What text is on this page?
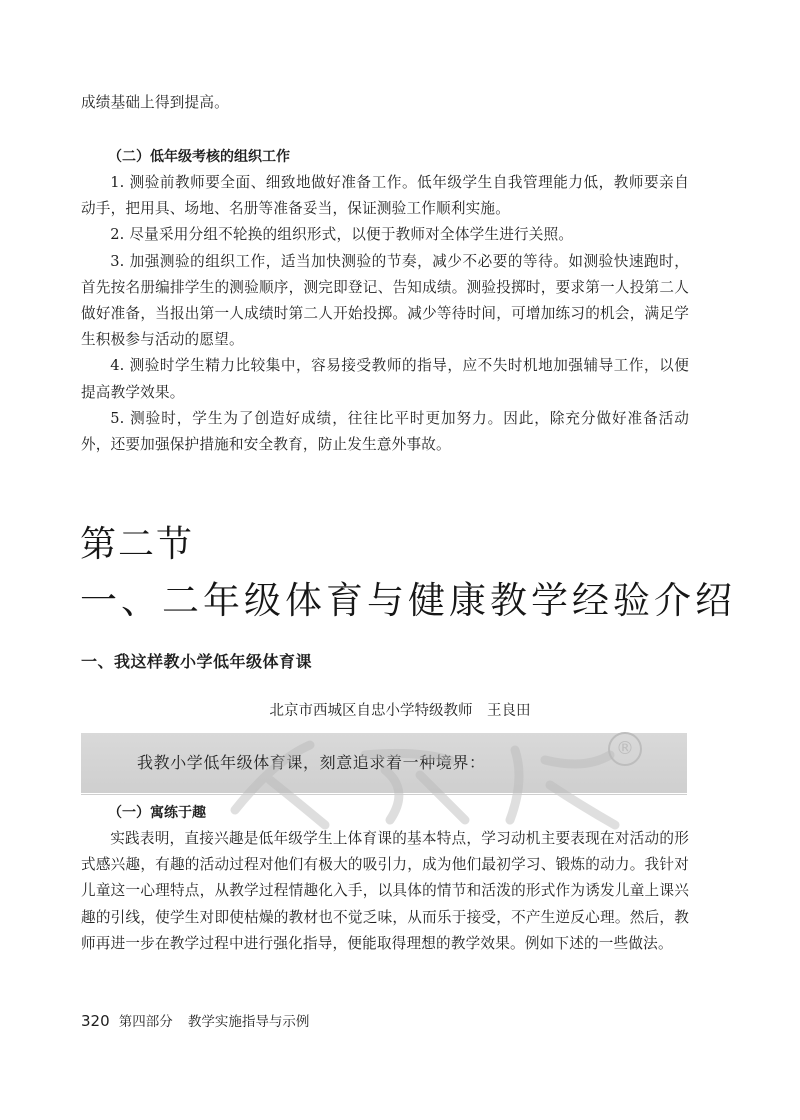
成绩基础上得到提高。

（二）低年级考核的组织工作

1. 测验前教师要全面、细致地做好准备工作。低年级学生自我管理能力低，教师要亲自动手，把用具、场地、名册等准备妥当，保证测验工作顺利实施。

2. 尽量采用分组不轮换的组织形式，以便于教师对全体学生进行关照。

3. 加强测验的组织工作，适当加快测验的节奏，减少不必要的等待。如测验快速跑时，首先按名册编排学生的测验顺序，测完即登记、告知成绩。测验投掷时，要求第一人投第二人做好准备，当报出第一人成绩时第二人开始投掷。减少等待时间，可增加练习的机会，满足学生积极参与活动的愿望。

4. 测验时学生精力比较集中，容易接受教师的指导，应不失时机地加强辅导工作，以便提高教学效果。

5. 测验时，学生为了创造好成绩，往往比平时更加努力。因此，除充分做好准备活动外，还要加强保护措施和安全教育，防止发生意外事故。

第二节
一、二年级体育与健康教学经验介绍
一、我这样教小学低年级体育课
北京市西城区自忠小学特级教师　王良田
我教小学低年级体育课，刻意追求着一种境界：
®
（一）寓练于趣

实践表明，直接兴趣是低年级学生上体育课的基本特点，学习动机主要表现在对活动的形式感兴趣，有趣的活动过程对他们有极大的吸引力，成为他们最初学习、锻炼的动力。我针对儿童这一心理特点，从教学过程情趣化入手，以具体的情节和活泼的形式作为诱发儿童上课兴趣的引线，使学生对即使枯燥的教材也不觉乏味，从而乐于接受，不产生逆反心理。然后，教师再进一步在教学过程中进行强化指导，便能取得理想的教学效果。例如下述的一些做法。

320 第四部分 教学实施指导与示例
